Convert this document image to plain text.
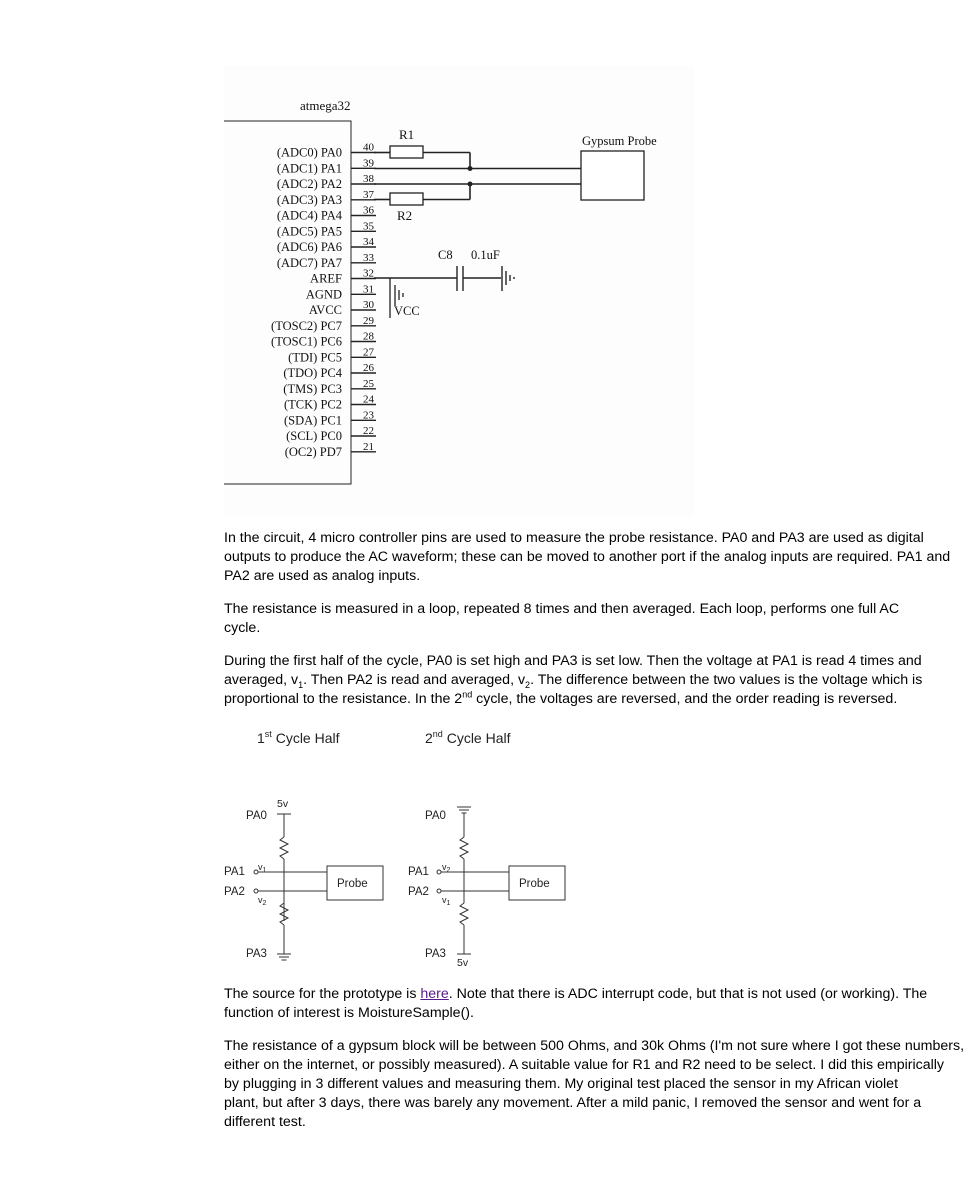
atmega32
(ADC0) PA0 40
(ADC1) PA1 39
(ADC2) PA2 38
(ADC3) PA3 37
(ADC4) PA4 36
(ADC5) PA5 35
(ADC6) PA6 34
(ADC7) PA7 33
AREF 32
AGND 31
AVCC 30
(TOSC2) PC7 29
(TOSC1) PC6 28
(TDI) PC5 27
(TDO) PC4 26
(TMS) PC3 25
(TCK) PC2 24
(SDA) PC1 23
(SCL) PC0 22
(OC2) PD7 21
R1
R2
Gypsum Probe
C8 0.1uF
VCC

In the circuit, 4 micro controller pins are used to measure the probe resistance. PA0 and PA3 are used as digital

outputs to produce the AC waveform; these can be moved to another port if the analog inputs are required. PA1 and

PA2 are used as analog inputs.

The resistance is measured in a loop, repeated 8 times and then averaged. Each loop, performs one full AC

cycle.

During the first half of the cycle, PA0 is set high and PA3 is set low. Then the voltage at PA1 is read 4 times and

averaged, $v_1$. Then PA2 is read and averaged, $v_2$. The difference between the two values is the voltage which is

proportional to the resistance. In the 2nd cycle, the voltages are reversed, and the order reading is reversed.

1st Cycle Half	2nd Cycle Half
5v
PA0
PA1
PA2
PA3
$v_1$
$v_2$
Probe
PA0
PA1
PA2
PA3
5v
$v_2$
$v_1$
Probe

The source for the prototype is here. Note that there is ADC interrupt code, but that is not used (or working). The

function of interest is MoistureSample().

The resistance of a gypsum block will be between 500 Ohms, and 30k Ohms (I'm not sure where I got these numbers,

either on the internet, or possibly measured). A suitable value for R1 and R2 need to be select. I did this empirically

by plugging in 3 different values and measuring them. My original test placed the sensor in my African violet

plant, but after 3 days, there was barely any movement. After a mild panic, I removed the sensor and went for a

different test.
